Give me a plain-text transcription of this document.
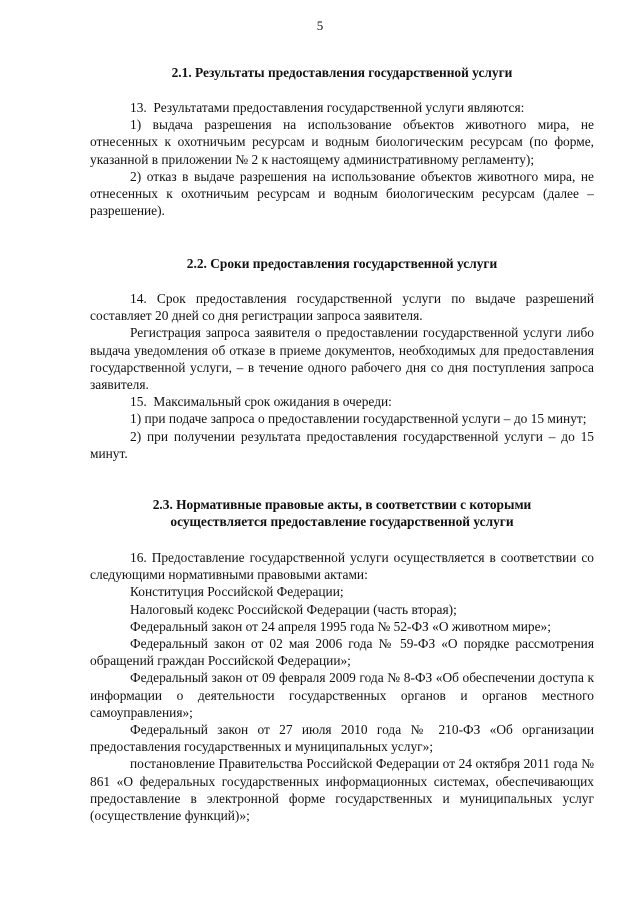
5
2.1. Результаты предоставления государственной услуги

13.  Результатами предоставления государственной услуги являются:

1) выдача разрешения на использование объектов животного мира, не отнесенных к охотничьим ресурсам и водным биологическим ресурсам (по форме, указанной в приложении № 2 к настоящему административному регламенту);

2) отказ в выдаче разрешения на использование объектов животного мира, не отнесенных к охотничьим ресурсам и водным биологическим ресурсам (далее – разрешение).

2.2. Сроки предоставления государственной услуги

14. Срок предоставления государственной услуги по выдаче разрешений составляет 20 дней со дня регистрации запроса заявителя.

Регистрация запроса заявителя о предоставлении государственной услуги либо выдача уведомления об отказе в приеме документов, необходимых для предоставления государственной услуги, – в течение одного рабочего дня со дня поступления запроса заявителя.

15.  Максимальный срок ожидания в очереди:

1) при подаче запроса о предоставлении государственной услуги – до 15 минут;

2) при получении результата предоставления государственной услуги – до 15 минут.

2.3. Нормативные правовые акты, в соответствии с которыми
осуществляется предоставление государственной услуги

16. Предоставление государственной услуги осуществляется в соответствии со следующими нормативными правовыми актами:

Конституция Российской Федерации;

Налоговый кодекс Российской Федерации (часть вторая);

Федеральный закон от 24 апреля 1995 года № 52-ФЗ «О животном мире»;

Федеральный закон от 02 мая 2006 года № 59-ФЗ «О порядке рассмотрения обращений граждан Российской Федерации»;

Федеральный закон от 09 февраля 2009 года № 8-ФЗ «Об обеспечении доступа к информации о деятельности государственных органов и органов местного самоуправления»;

Федеральный закон от 27 июля 2010 года № 210-ФЗ «Об организации предоставления государственных и муниципальных услуг»;

постановление Правительства Российской Федерации от 24 октября 2011 года № 861 «О федеральных государственных информационных системах, обеспечивающих предоставление в электронной форме государственных и муниципальных услуг (осуществление функций)»;
